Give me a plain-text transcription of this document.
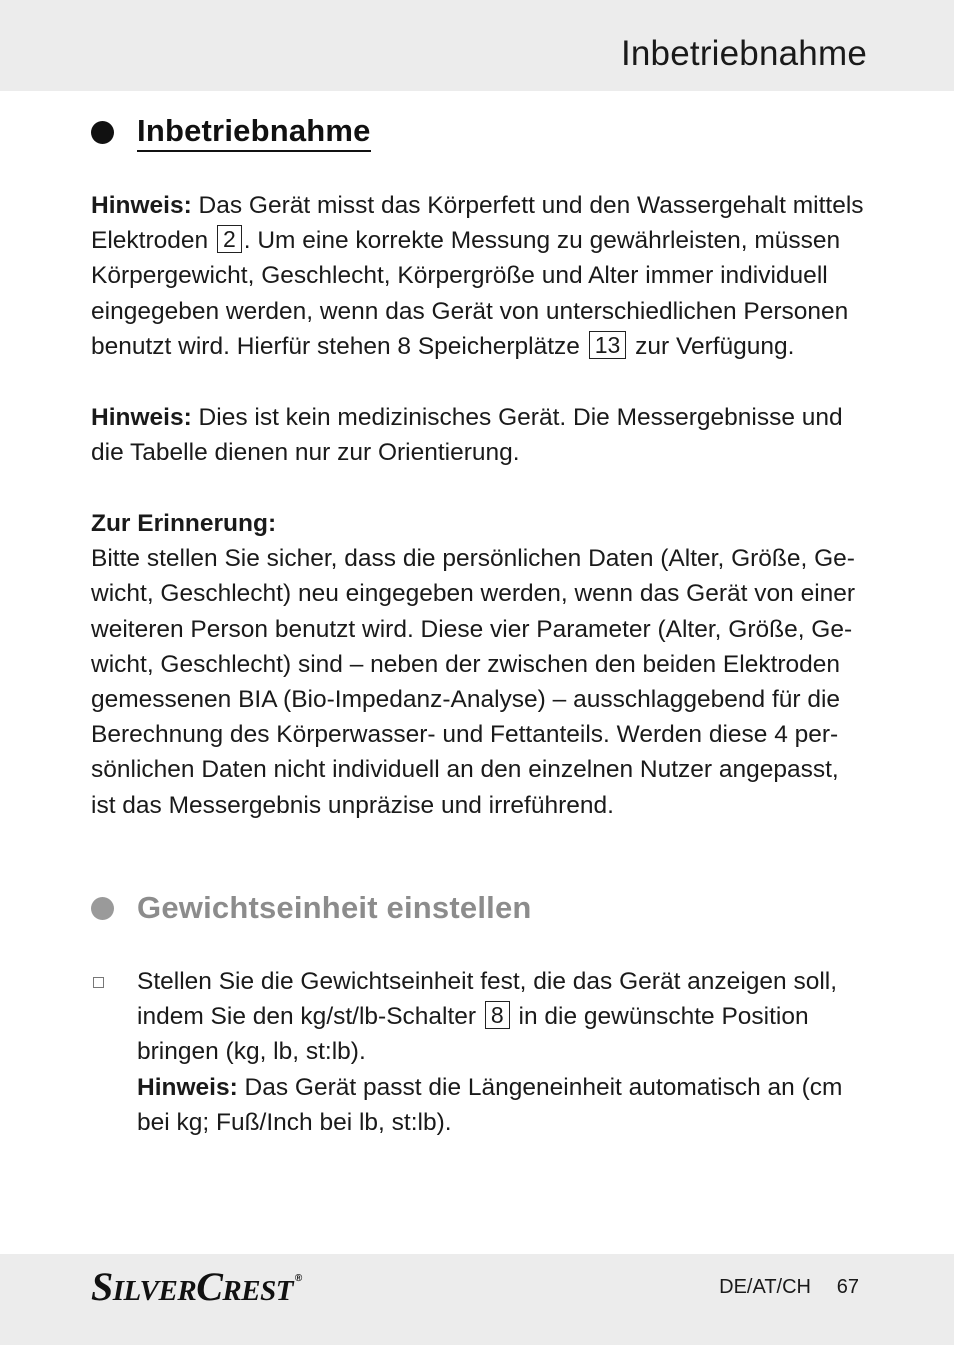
Inbetriebnahme
Inbetriebnahme

Hinweis: Das Gerät misst das Körperfett und den Wassergehalt mittels Elektroden 2 . Um eine korrekte Messung zu gewährleisten, müssen Körpergewicht, Geschlecht, Körpergröße und Alter immer individuell eingegeben werden, wenn das Gerät von unterschiedlichen Personen benutzt wird. Hierfür stehen 8 Speicherplätze 13 zur Verfügung.

Hinweis: Dies ist kein medizinisches Gerät. Die Messergebnisse und die Tabelle dienen nur zur Orientierung.

Zur Erinnerung:
Bitte stellen Sie sicher, dass die persönlichen Daten (Alter, Größe, Gewicht, Geschlecht) neu eingegeben werden, wenn das Gerät von einer weiteren Person benutzt wird. Diese vier Parameter (Alter, Größe, Gewicht, Geschlecht) sind – neben der zwischen den beiden Elektroden gemessenen BIA (Bio-Impedanz-Analyse) – ausschlaggebend für die Berechnung des Körperwasser- und Fettanteils. Werden diese 4 persönlichen Daten nicht individuell an den einzelnen Nutzer angepasst, ist das Messergebnis unpräzise und irreführend.
Gewichtseinheit einstellen
Stellen Sie die Gewichtseinheit fest, die das Gerät anzeigen soll, indem Sie den kg/st/lb-Schalter 8 in die gewünschte Position bringen (kg, lb, st:lb).
Hinweis: Das Gerät passt die Längeneinheit automatisch an (cm bei kg; Fuß/Inch bei lb, st:lb).
S ILVER C REST ®	DE/AT/CH 67
